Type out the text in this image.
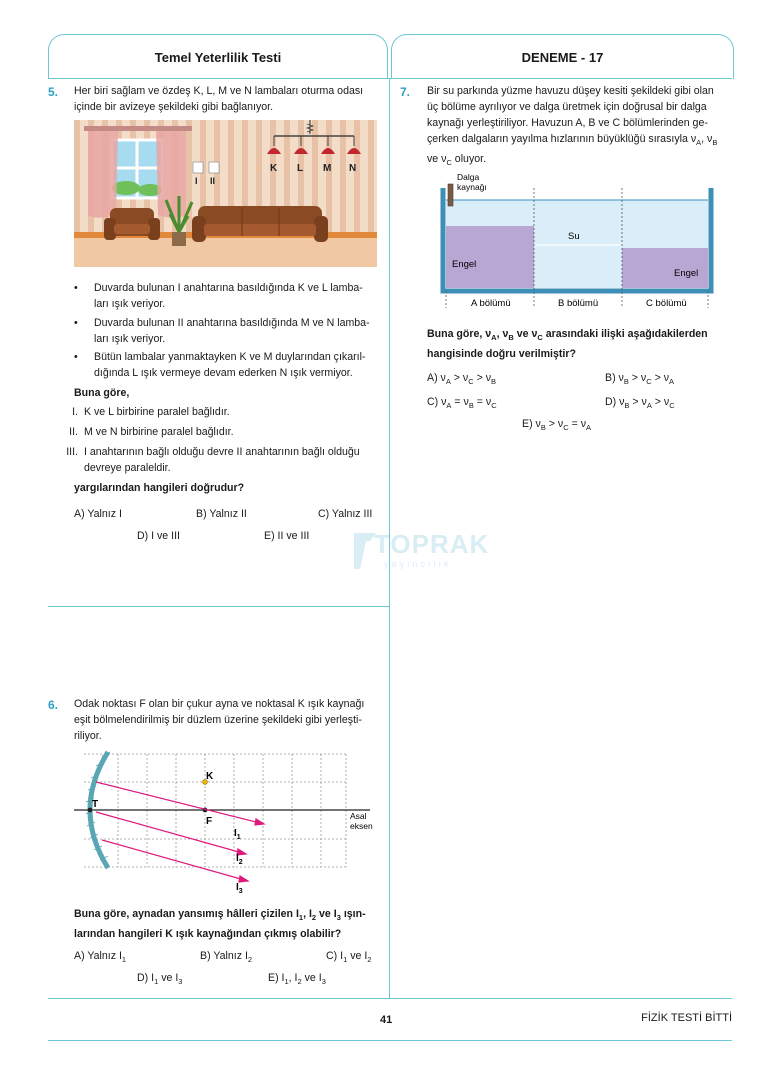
Temel Yeterlilik Testi	DENEME - 17
TOPRAK
yayıncılık
5. Her biri sağlam ve özdeş K, L, M ve N lambaları oturma odası
içinde bir avizeye şekildeki gibi bağlanıyor.
I II
K L M N
•	Duvarda bulunan I anahtarına basıldığında K ve L lamba-
ları ışık veriyor.
•	Duvarda bulunan II anahtarına basıldığında M ve N lamba-
ları ışık veriyor.
•	Bütün lambalar yanmaktayken K ve M duylarından çıkarıl-
dığında L ışık vermeye devam ederken N ışık vermiyor.
Buna göre,
I. K ve L birbirine paralel bağlıdır.
II. M ve N birbirine paralel bağlıdır.
III. I anahtarının bağlı olduğu devre II anahtarının bağlı olduğu
devreye paraleldir.
yargılarından hangileri doğrudur?
A) Yalnız I	B) Yalnız II	C) Yalnız III
D) I ve III	E) II ve III
6. Odak noktası F olan bir çukur ayna ve noktasal K ışık kaynağı
eşit bölmelendirilmiş bir düzlem üzerine şekildeki gibi yerleşti-
riliyor.
T
K
F
$I_1$
$I_2$
$I_3$
Asal
eksen
Buna göre, aynadan yansımış hâlleri çizilen $I_1$, $I_2$ ve $I_3$ ışın-
larından hangileri K ışık kaynağından çıkmış olabilir?
A) Yalnız $I_1$	B) Yalnız $I_2$	C) $I_1$ ve $I_2$
D) $I_1$ ve $I_3$	E) $I_1$, $I_2$ ve $I_3$
7. Bir su parkında yüzme havuzu düşey kesiti şekildeki gibi olan
üç bölüme ayrılıyor ve dalga üretmek için doğrusal bir dalga
kaynağı yerleştiriliyor. Havuzun A, B ve C bölümlerinden ge-
çerken dalgaların yayılma hızlarının büyüklüğü sırasıyla $\nu_A$, $\nu_B$
ve $\nu_C$ oluyor.
Dalga
kaynağı
Su
Engel
Engel
A bölümü	B bölümü	C bölümü
Buna göre, $\nu_A$, $\nu_B$ ve $\nu_C$ arasındaki ilişki aşağıdakilerden
hangisinde doğru verilmiştir?
A) $\nu_A > \nu_C > \nu_B$	B) $\nu_B > \nu_C > \nu_A$
C) $\nu_A = \nu_B = \nu_C$	D) $\nu_B > \nu_A > \nu_C$
E) $\nu_B > \nu_C = \nu_A$
41	FİZİK TESTİ BİTTİ
